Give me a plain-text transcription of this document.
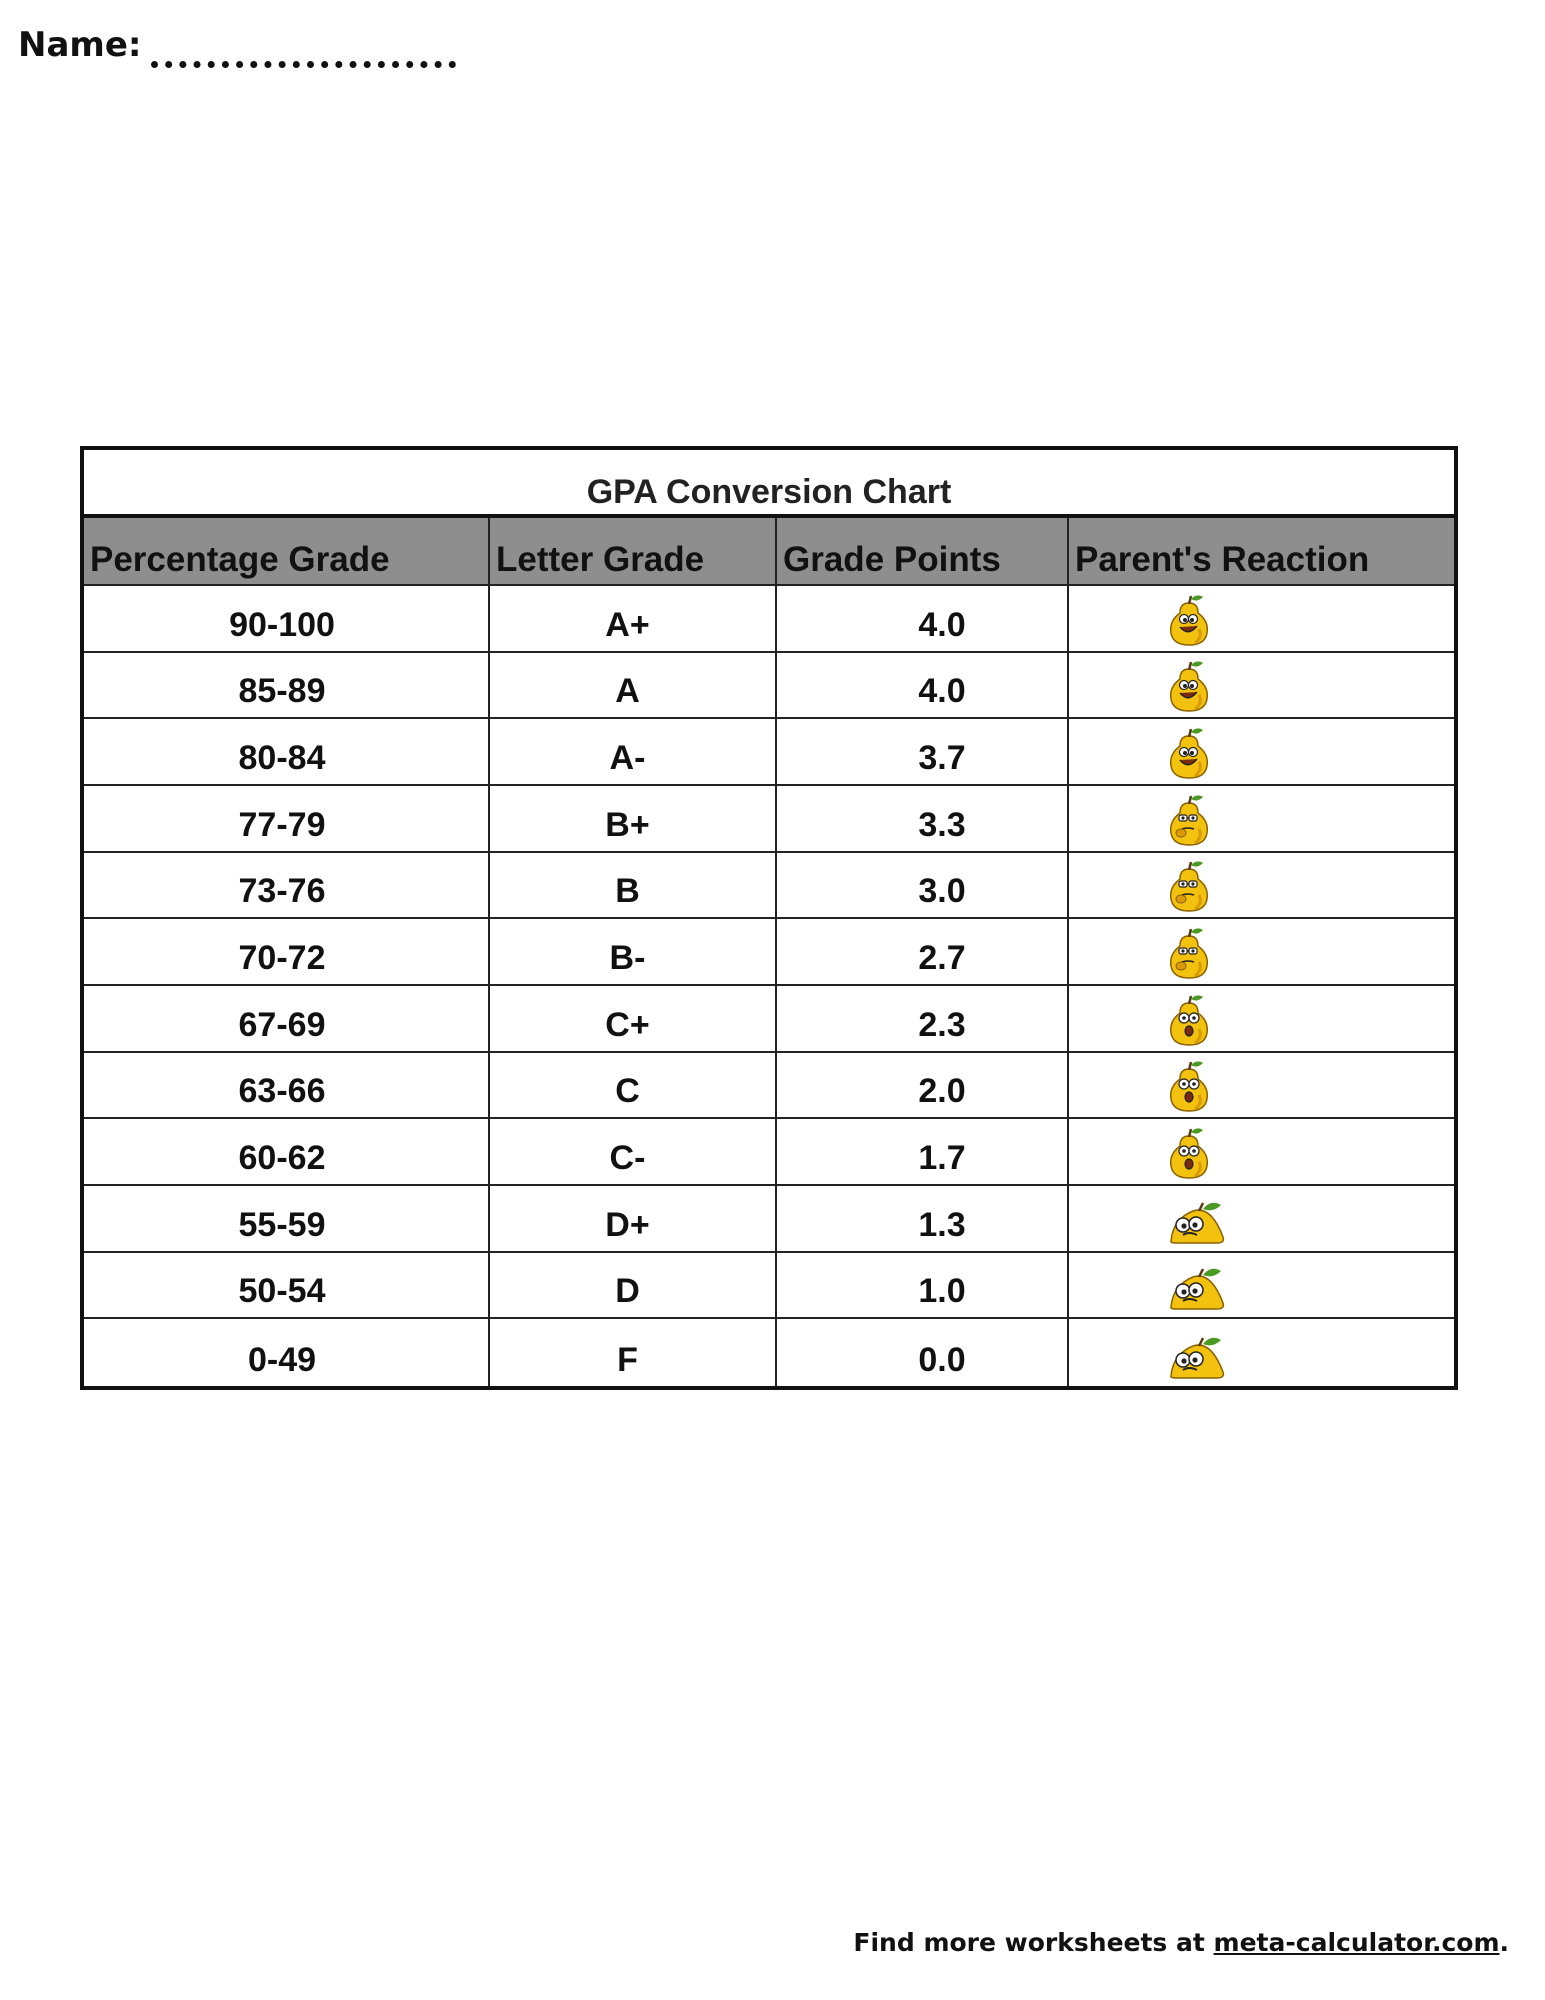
Name:
GPA Conversion Chart
Percentage Grade	Letter Grade	Grade Points	Parent's Reaction
90-100	A+	4.0
85-89	A	4.0
80-84	A-	3.7
77-79	B+	3.3
73-76	B	3.0
70-72	B-	2.7
67-69	C+	2.3
63-66	C	2.0
60-62	C-	1.7
55-59	D+	1.3
50-54	D	1.0
0-49	F	0.0
Find more worksheets at meta-calculator.com.
